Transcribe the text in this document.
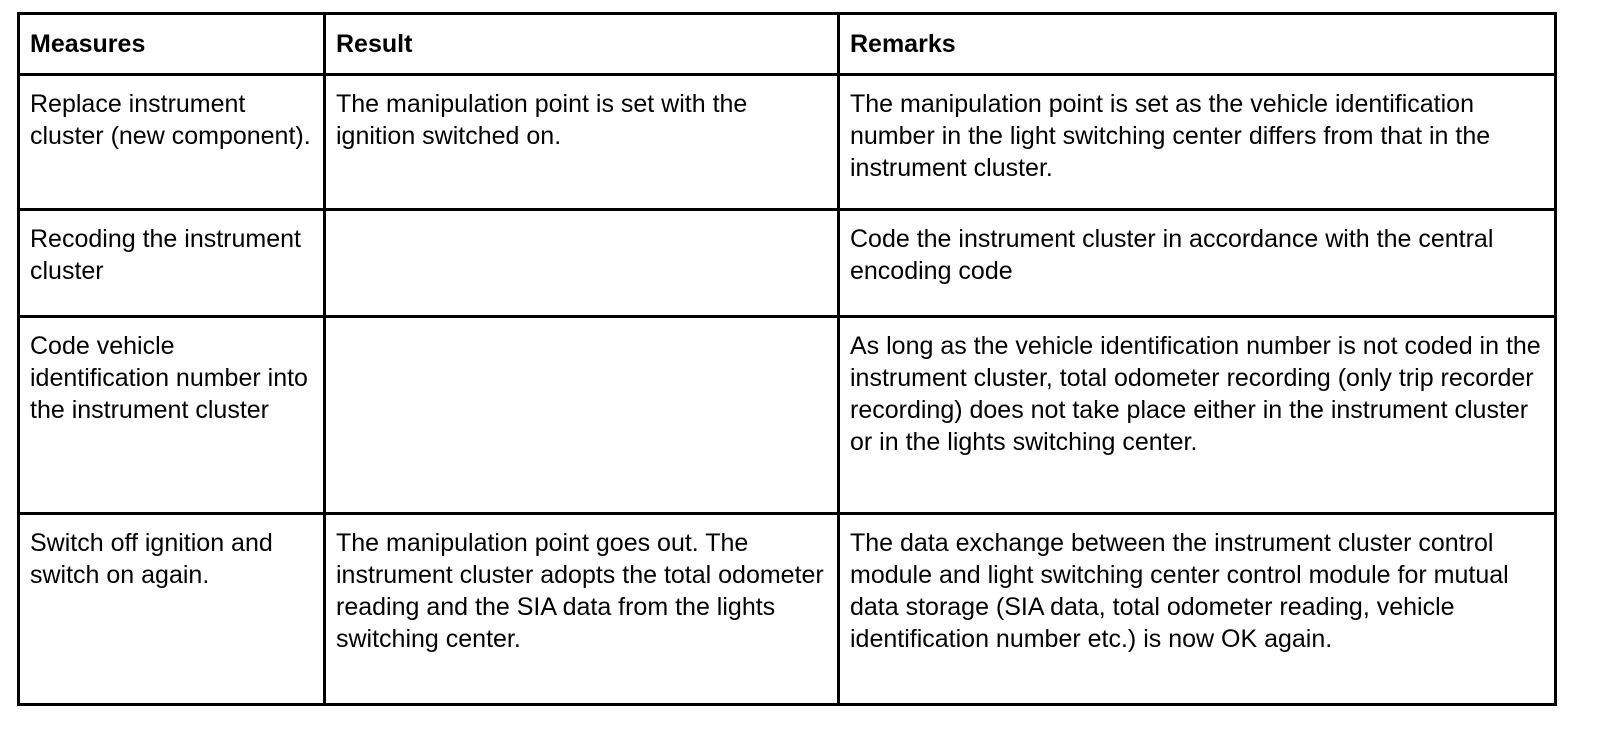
Measures	Result	Remarks
Replace instrument cluster (new component).	The manipulation point is set with the ignition switched on.	The manipulation point is set as the vehicle identification number in the light switching center differs from that in the instrument cluster.
Recoding the instrument cluster		Code the instrument cluster in accordance with the central encoding code
Code vehicle identification number into the instrument cluster		As long as the vehicle identification number is not coded in the instrument cluster, total odometer recording (only trip recorder recording) does not take place either in the instrument cluster or in the lights switching center.
Switch off ignition and switch on again.	The manipulation point goes out. The instrument cluster adopts the total odometer reading and the SIA data from the lights switching center.	The data exchange between the instrument cluster control module and light switching center control module for mutual data storage (SIA data, total odometer reading, vehicle identification number etc.) is now OK again.
